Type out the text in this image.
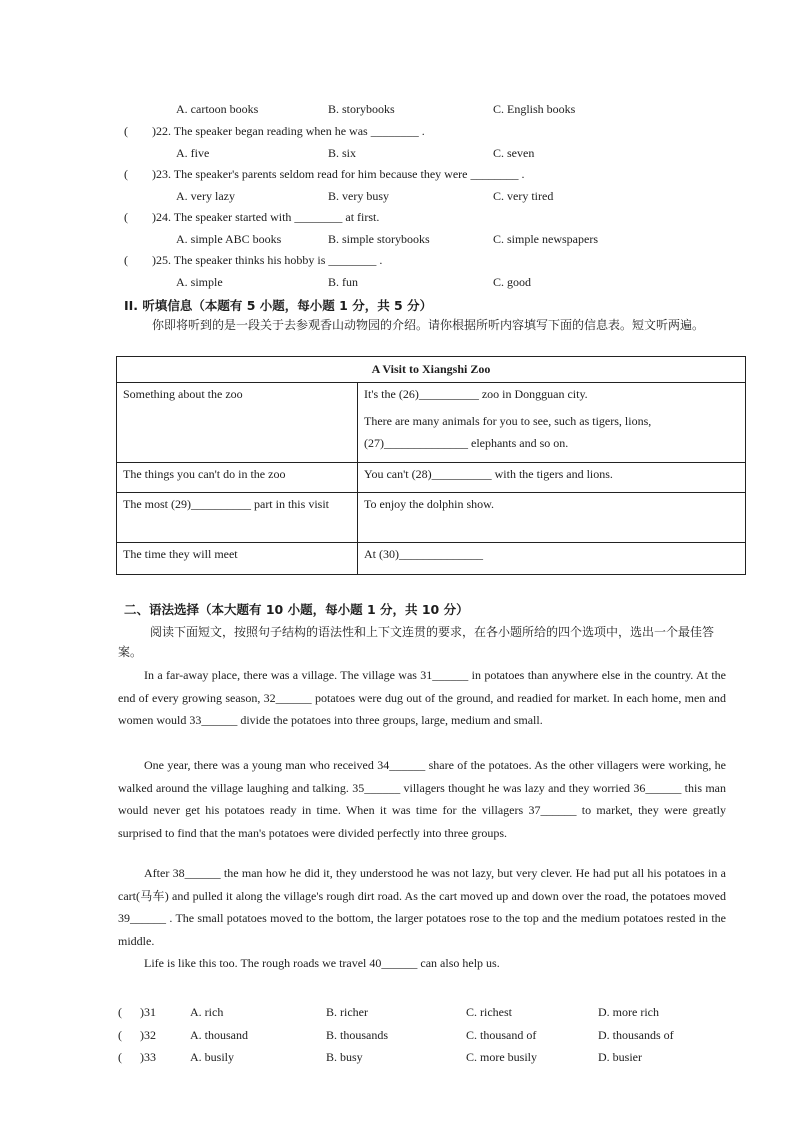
A. cartoon books	B. storybooks	C. English books
( )22. The speaker began reading when he was ________ .
A. five	B. six	C. seven
( )23. The speaker's parents seldom read for him because they were ________ .
A. very lazy	B. very busy	C. very tired
( )24. The speaker started with ________ at first.
A. simple ABC books	B. simple storybooks	C. simple newspapers
( )25. The speaker thinks his hobby is ________ .
A. simple	B. fun	C. good
II. 听填信息（本题有 5 小题，每小题 1 分，共 5 分）
你即将听到的是一段关于去参观香山动物园的介绍。请你根据所听内容填写下面的信息表。短文听两遍。
A Visit to Xiangshi Zoo	
Something about the zoo	It's the (26)__________ zoo in Dongguan city.
There are many animals for you to see, such as tigers, lions, (27)______________ elephants and so on.

The things you can't do in the zoo	You can't (28)__________ with the tigers and lions.
The most (29)__________ part in this visit	To enjoy the dolphin show.
The time they will meet	At (30)______________
二、语法选择（本大题有 10 小题，每小题 1 分，共 10 分）
阅读下面短文，按照句子结构的语法性和上下文连贯的要求，在各小题所给的四个选项中，选出一个最佳答案。
In a far-away place, there was a village. The village was 31______ in potatoes than anywhere else in the country. At the end of every growing season, 32______ potatoes were dug out of the ground, and readied for market. In each home, men and women would 33______ divide the potatoes into three groups, large, medium and small.
One year, there was a young man who received 34______ share of the potatoes. As the other villagers were working, he walked around the village laughing and talking. 35______ villagers thought he was lazy and they worried 36______ this man would never get his potatoes ready in time. When it was time for the villagers 37______ to market, they were greatly surprised to find that the man's potatoes were divided perfectly into three groups.
After 38______ the man how he did it, they understood he was not lazy, but very clever. He had put all his potatoes in a cart(马车) and pulled it along the village's rough dirt road. As the cart moved up and down over the road, the potatoes moved 39______ . The small potatoes moved to the bottom, the larger potatoes rose to the top and the medium potatoes rested in the middle.
Life is like this too. The rough roads we travel 40______ can also help us.
( )31	A. rich	B. richer	C. richest	D. more rich
( )32	A. thousand	B. thousands	C. thousand of	D. thousands of
( )33	A. busily	B. busy	C. more busily	D. busier
